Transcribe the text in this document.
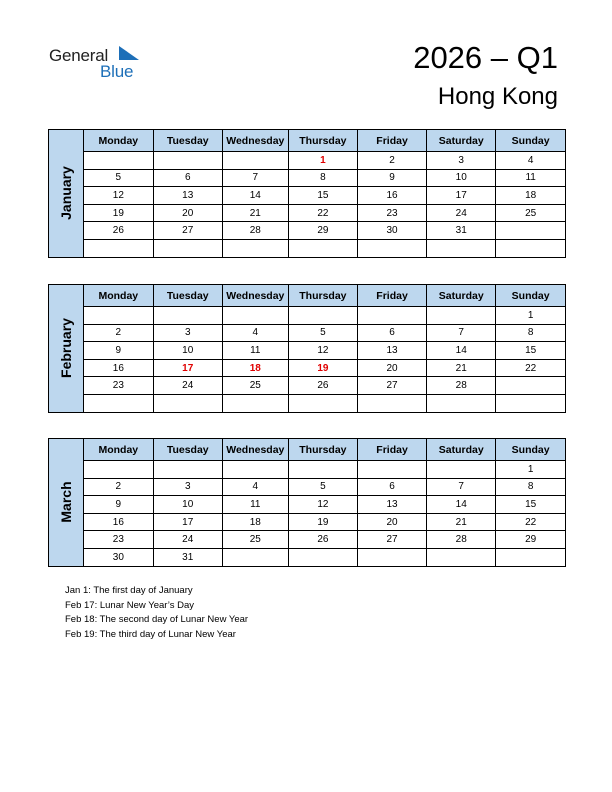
General
Blue	2026 – Q1
Hong Kong
January
Monday	Tuesday	Wednesday	Thursday	Friday	Saturday	Sunday
			1	2	3	4
5	6	7	8	9	10	11
12	13	14	15	16	17	18
19	20	21	22	23	24	25
26	27	28	29	30	31	

February
Monday	Tuesday	Wednesday	Thursday	Friday	Saturday	Sunday
						1
2	3	4	5	6	7	8
9	10	11	12	13	14	15
16	17	18	19	20	21	22
23	24	25	26	27	28	

March
Monday	Tuesday	Wednesday	Thursday	Friday	Saturday	Sunday
						1
2	3	4	5	6	7	8
9	10	11	12	13	14	15
16	17	18	19	20	21	22
23	24	25	26	27	28	29
30	31					
Jan 1: The first day of January
Feb 17: Lunar New Year’s Day
Feb 18: The second day of Lunar New Year
Feb 19: The third day of Lunar New Year
